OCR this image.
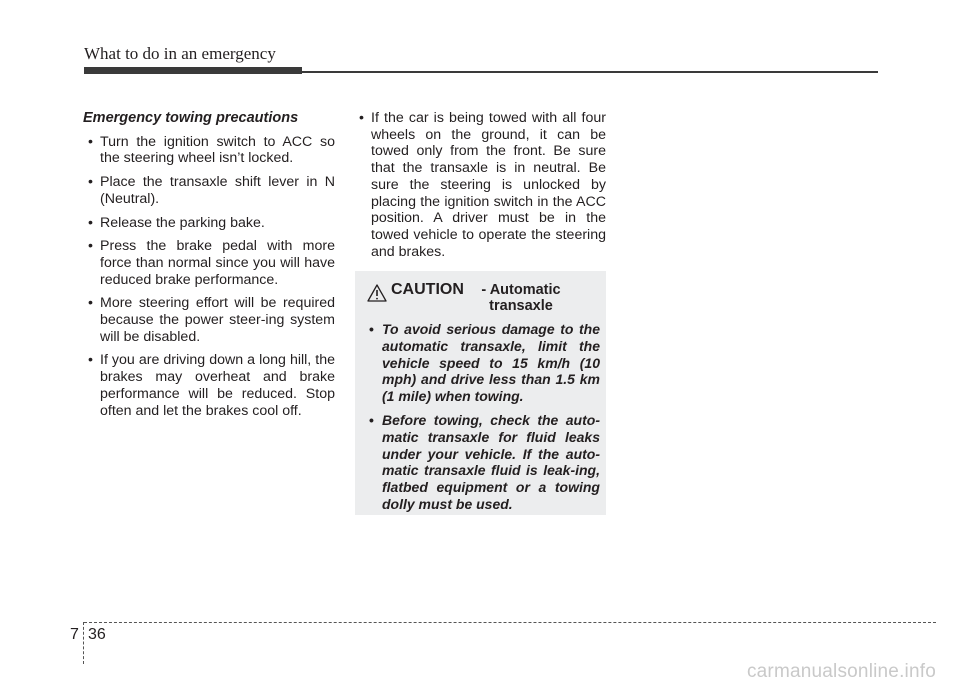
What to do in an emergency
Emergency towing precautions
• Turn the ignition switch to ACC so the steering wheel isn’t locked.
• Place the transaxle shift lever in N (Neutral).
• Release the parking bake.
• Press the brake pedal with more force than normal since you will have reduced brake performance.
• More steering effort will be required because the power steer-ing system will be disabled.
• If you are driving down a long hill, the brakes may overheat and brake performance will be reduced. Stop often and let the brakes cool off.
• If the car is being towed with all four wheels on the ground, it can be towed only from the front. Be sure that the transaxle is in neutral. Be sure the steering is unlocked by placing the ignition switch in the ACC position. A driver must be in the towed vehicle to operate the steering and brakes.
CAUTION	- Automatic transaxle
• To avoid serious damage to the automatic transaxle, limit the vehicle speed to 15 km/h (10 mph) and drive less than 1.5 km (1 mile) when towing.
• Before towing, check the auto-matic transaxle for fluid leaks under your vehicle. If the auto-matic transaxle fluid is leak-ing, flatbed equipment or a towing dolly must be used.
7 36
carmanualsonline.info
